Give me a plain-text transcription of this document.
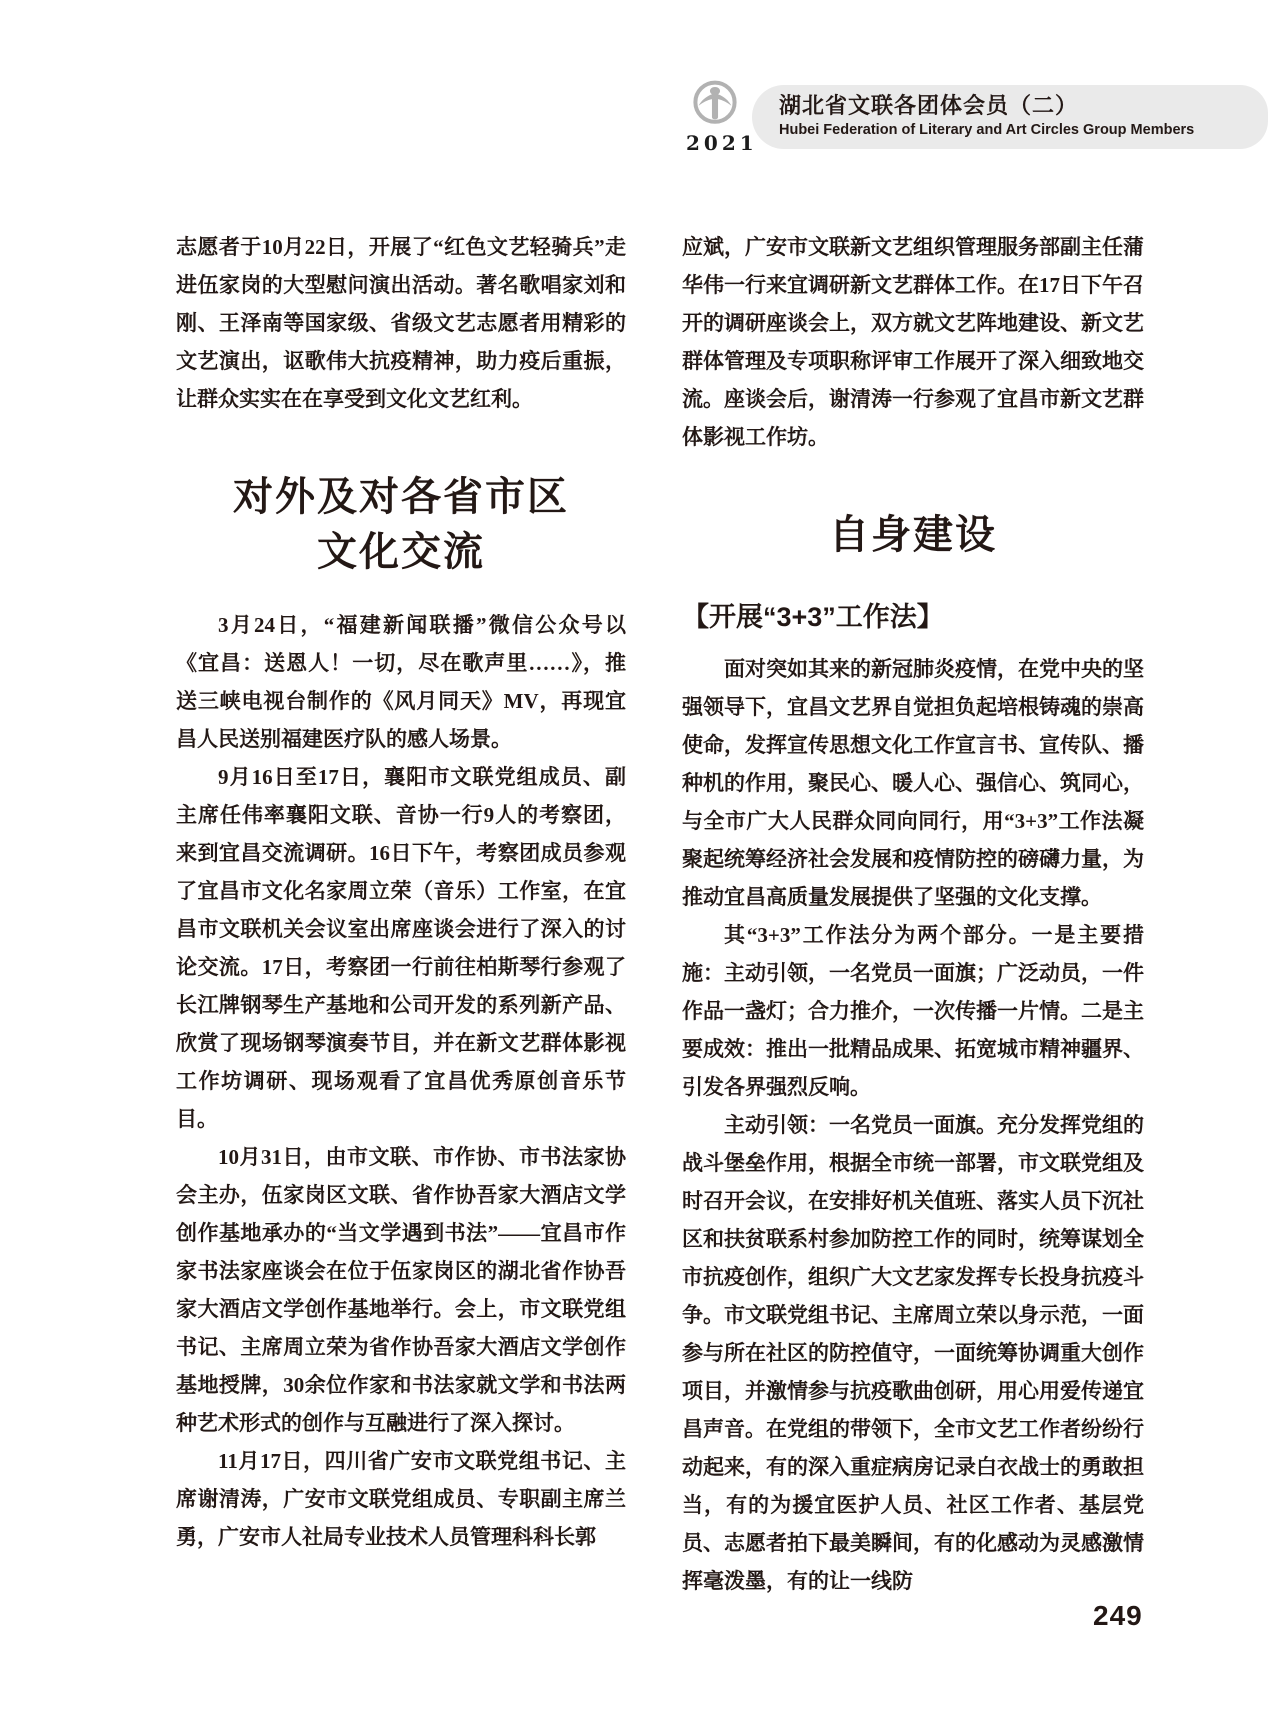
2021
湖北省文联各团体会员（二）
Hubei Federation of Literary and Art Circles Group Members

志愿者于10月22日，开展了“红色文艺轻骑兵”走进伍家岗的大型慰问演出活动。著名歌唱家刘和刚、王泽南等国家级、省级文艺志愿者用精彩的文艺演出，讴歌伟大抗疫精神，助力疫后重振，让群众实实在在享受到文化文艺红利。

对外及对各省市区
文化交流

3月24日，“福建新闻联播”微信公众号以《宜昌：送恩人！一切，尽在歌声里……》，推送三峡电视台制作的《风月同天》MV，再现宜昌人民送别福建医疗队的感人场景。

9月16日至17日，襄阳市文联党组成员、副主席任伟率襄阳文联、音协一行9人的考察团，来到宜昌交流调研。16日下午，考察团成员参观了宜昌市文化名家周立荣（音乐）工作室，在宜昌市文联机关会议室出席座谈会进行了深入的讨论交流。17日，考察团一行前往柏斯琴行参观了长江牌钢琴生产基地和公司开发的系列新产品、欣赏了现场钢琴演奏节目，并在新文艺群体影视工作坊调研、现场观看了宜昌优秀原创音乐节目。

10月31日，由市文联、市作协、市书法家协会主办，伍家岗区文联、省作协吾家大酒店文学创作基地承办的“当文学遇到书法”——宜昌市作家书法家座谈会在位于伍家岗区的湖北省作协吾家大酒店文学创作基地举行。会上，市文联党组书记、主席周立荣为省作协吾家大酒店文学创作基地授牌，30余位作家和书法家就文学和书法两种艺术形式的创作与互融进行了深入探讨。

11月17日，四川省广安市文联党组书记、主席谢清涛，广安市文联党组成员、专职副主席兰勇，广安市人社局专业技术人员管理科科长郭

应斌，广安市文联新文艺组织管理服务部副主任蒲华伟一行来宜调研新文艺群体工作。在17日下午召开的调研座谈会上，双方就文艺阵地建设、新文艺群体管理及专项职称评审工作展开了深入细致地交流。座谈会后，谢清涛一行参观了宜昌市新文艺群体影视工作坊。

自身建设
【开展“3+3”工作法】

面对突如其来的新冠肺炎疫情，在党中央的坚强领导下，宜昌文艺界自觉担负起培根铸魂的崇高使命，发挥宣传思想文化工作宣言书、宣传队、播种机的作用，聚民心、暖人心、强信心、筑同心，与全市广大人民群众同向同行，用“3+3”工作法凝聚起统筹经济社会发展和疫情防控的磅礴力量，为推动宜昌高质量发展提供了坚强的文化支撑。

其“3+3”工作法分为两个部分。一是主要措施：主动引领，一名党员一面旗；广泛动员，一件作品一盏灯；合力推介，一次传播一片情。二是主要成效：推出一批精品成果、拓宽城市精神疆界、引发各界强烈反响。

主动引领：一名党员一面旗。充分发挥党组的战斗堡垒作用，根据全市统一部署，市文联党组及时召开会议，在安排好机关值班、落实人员下沉社区和扶贫联系村参加防控工作的同时，统筹谋划全市抗疫创作，组织广大文艺家发挥专长投身抗疫斗争。市文联党组书记、主席周立荣以身示范，一面参与所在社区的防控值守，一面统筹协调重大创作项目，并激情参与抗疫歌曲创研，用心用爱传递宜昌声音。在党组的带领下，全市文艺工作者纷纷行动起来，有的深入重症病房记录白衣战士的勇敢担当，有的为援宜医护人员、社区工作者、基层党员、志愿者拍下最美瞬间，有的化感动为灵感激情挥毫泼墨，有的让一线防

249
